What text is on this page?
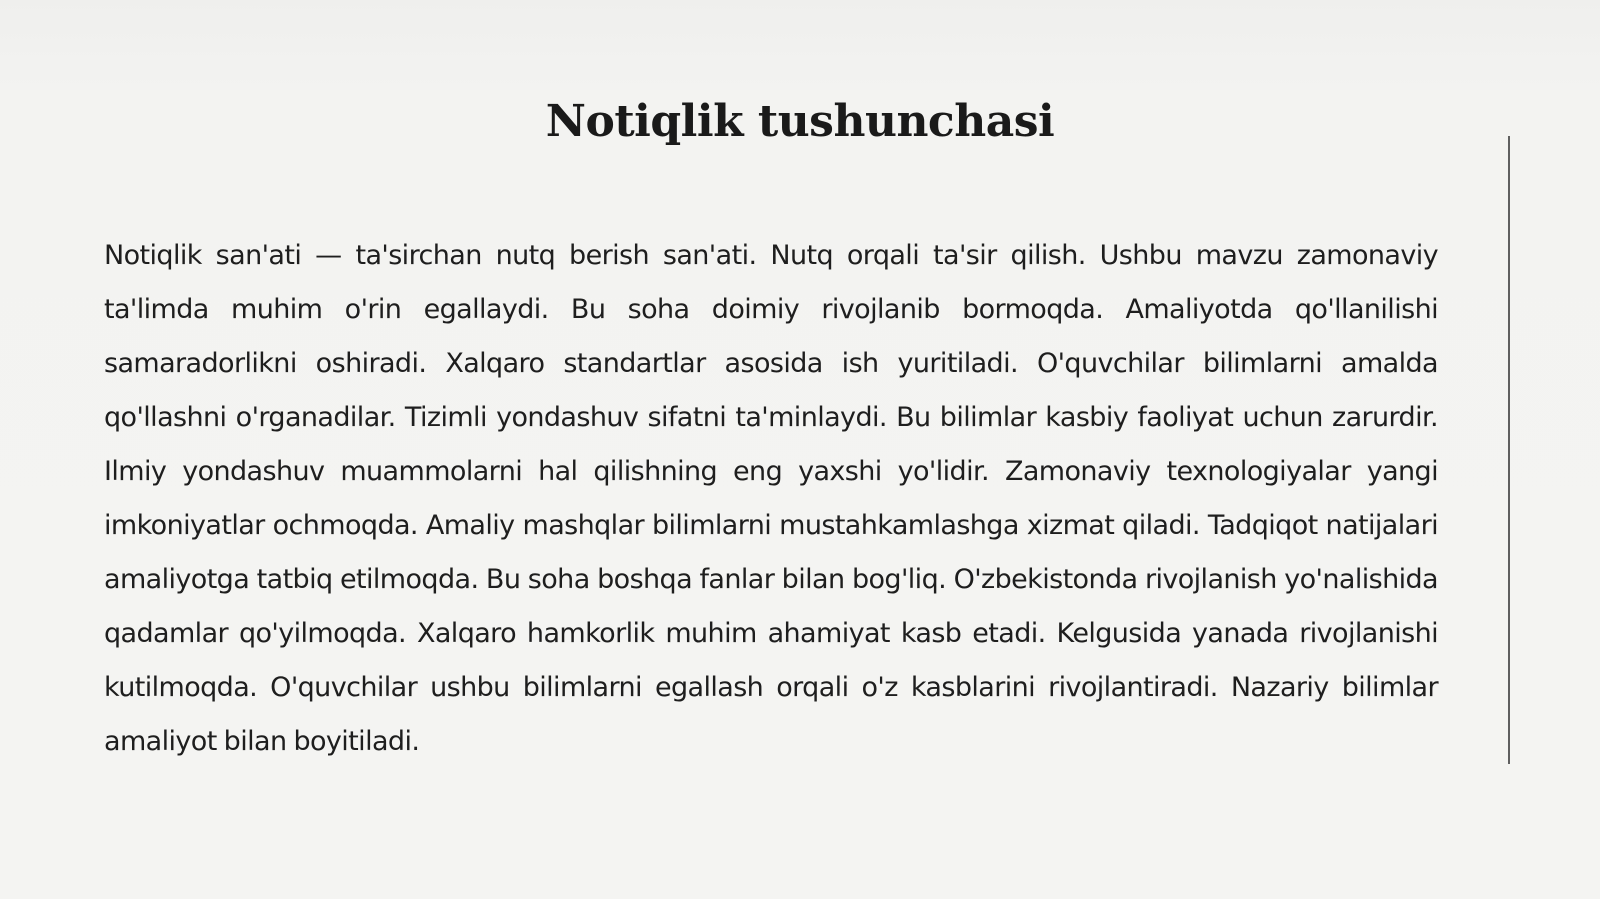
Notiqlik tushunchasi

Notiqlik san'ati — ta'sirchan nutq berish san'ati. Nutq orqali ta'sir qilish. Ushbu mavzu zamonaviy ta'limda muhim o'rin egallaydi. Bu soha doimiy rivojlanib bormoqda. Amaliyotda qo'llanilishi samaradorlikni oshiradi. Xalqaro standartlar asosida ish yuritiladi. O'quvchilar bilimlarni amalda qo'llashni o'rganadilar. Tizimli yondashuv sifatni ta'minlaydi. Bu bilimlar kasbiy faoliyat uchun zarurdir. Ilmiy yondashuv muammolarni hal qilishning eng yaxshi yo'lidir. Zamonaviy texnologiyalar yangi imkoniyatlar ochmoqda. Amaliy mashqlar bilimlarni mustahkamlashga xizmat qiladi. Tadqiqot natijalari amaliyotga tatbiq etilmoqda. Bu soha boshqa fanlar bilan bog'liq. O'zbekistonda rivojlanish yo'nalishida qadamlar qo'yilmoqda. Xalqaro hamkorlik muhim ahamiyat kasb etadi. Kelgusida yanada rivojlanishi kutilmoqda. O'quvchilar ushbu bilimlarni egallash orqali o'z kasblarini rivojlantiradi. Nazariy bilimlar amaliyot bilan boyitiladi.
